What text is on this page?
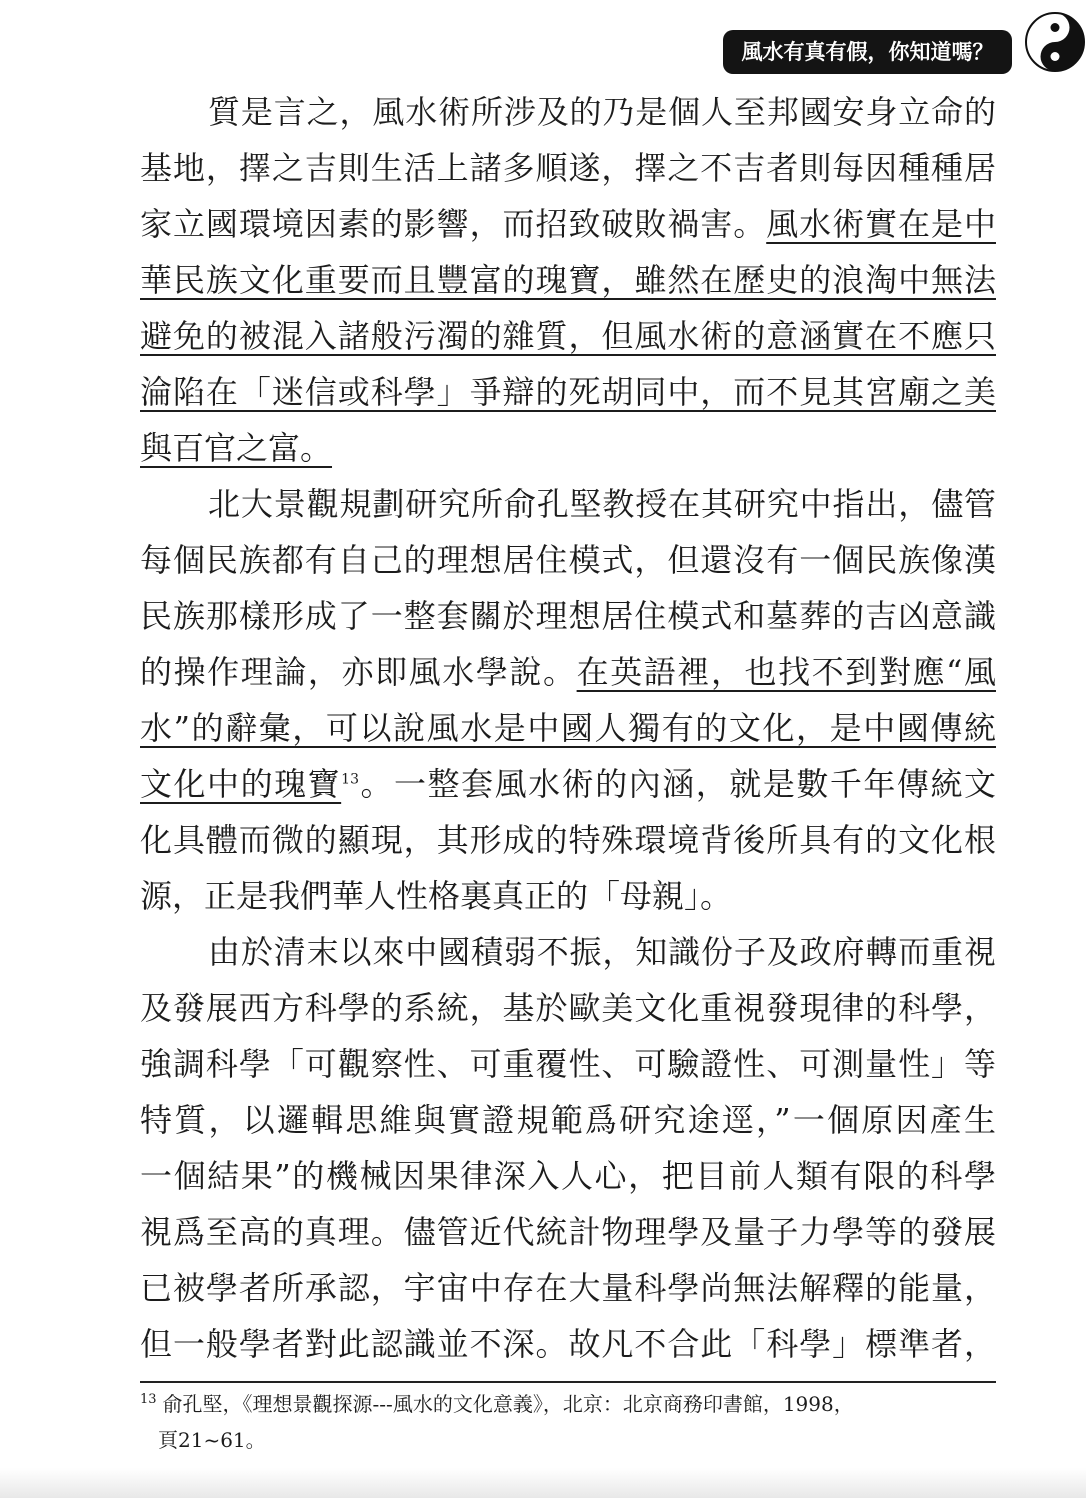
風水有真有假，你知道嗎？
質是言之，風水術所涉及的乃是個人至邦國安身立命的
基地，擇之吉則生活上諸多順遂，擇之不吉者則每因種種居
家立國環境因素的影響，而招致破敗禍害。風水術實在是中
華民族文化重要而且豐富的瑰寶，雖然在歷史的浪淘中無法
避免的被混入諸般污濁的雜質，但風水術的意涵實在不應只
淪陷在「迷信或科學」爭辯的死胡同中，而不見其宮廟之美
與百官之富。
北大景觀規劃研究所俞孔堅教授在其研究中指出，儘管
每個民族都有自己的理想居住模式，但還沒有一個民族像漢
民族那樣形成了一整套關於理想居住模式和墓葬的吉凶意識
的操作理論，亦即風水學說。在英語裡，也找不到對應“風
水”的辭彙，可以說風水是中國人獨有的文化，是中國傳統
文化中的瑰寶$^{13}$。一整套風水術的內涵，就是數千年傳統文
化具體而微的顯現，其形成的特殊環境背後所具有的文化根
源，正是我們華人性格裏真正的「母親」。
由於清末以來中國積弱不振，知識份子及政府轉而重視
及發展西方科學的系統，基於歐美文化重視發現律的科學，
強調科學「可觀察性、可重覆性、可驗證性、可測量性」等
特質，以邏輯思維與實證規範爲研究途逕，”一個原因產生
一個結果”的機械因果律深入人心，把目前人類有限的科學
視爲至高的真理。儘管近代統計物理學及量子力學等的發展
已被學者所承認，宇宙中存在大量科學尚無法解釋的能量，
但一般學者對此認識並不深。故凡不合此「科學」標準者，
$^{13}$ 俞孔堅，《理想景觀探源---風水的文化意義》，北京：北京商務印書館，1998，
頁21~61。
